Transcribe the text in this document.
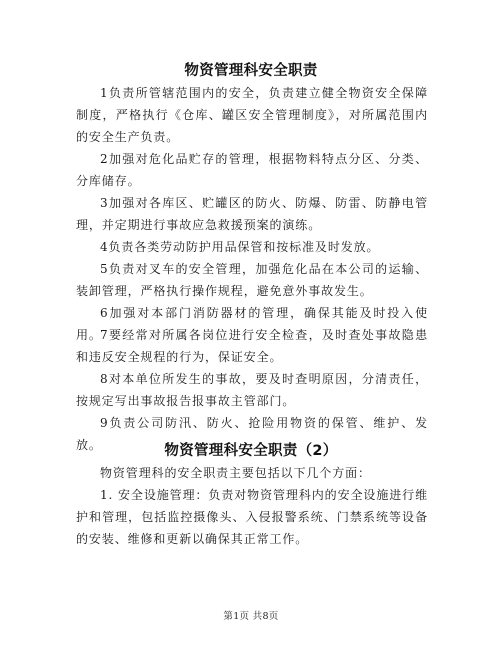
物资管理科安全职责

1负责所管辖范围内的安全，负责建立健全物资安全保障制度，严格执行《仓库、罐区安全管理制度》，对所属范围内的安全生产负责。

2加强对危化品贮存的管理，根据物料特点分区、分类、分库储存。

3加强对各库区、贮罐区的防火、防爆、防雷、防静电管理，并定期进行事故应急救援预案的演练。

4负责各类劳动防护用品保管和按标准及时发放。

5负责对叉车的安全管理，加强危化品在本公司的运输、装卸管理，严格执行操作规程，避免意外事故发生。

6加强对本部门消防器材的管理，确保其能及时投入使用。

7要经常对所属各岗位进行安全检查，及时查处事故隐患和违反安全规程的行为，保证安全。

8对本单位所发生的事故，要及时查明原因，分清责任，按规定写出事故报告报事故主管部门。

9负责公司防汛、防火、抢险用物资的保管、维护、发放。	物资管理科安全职责（2）

物资管理科的安全职责主要包括以下几个方面：

1. 安全设施管理：负责对物资管理科内的安全设施进行维护和管理，包括监控摄像头、入侵报警系统、门禁系统等设备的安装、维修和更新以确保其正常工作。

第1页 共8页
